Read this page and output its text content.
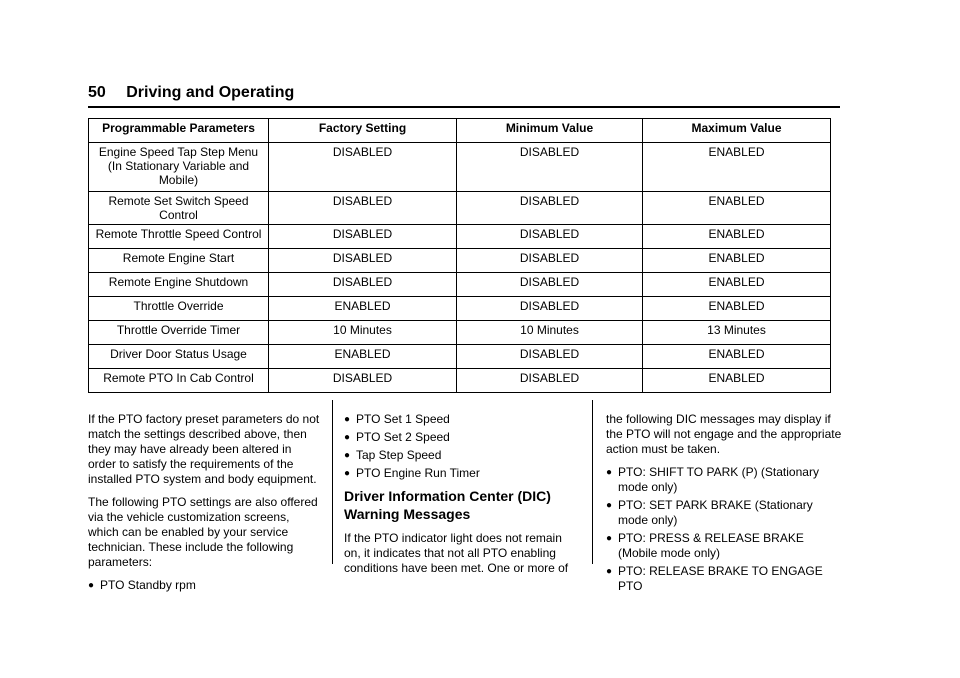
50 Driving and Operating
Programmable Parameters	Factory Setting	Minimum Value	Maximum Value
Engine Speed Tap Step Menu (In Stationary Variable and Mobile)	DISABLED	DISABLED	ENABLED
Remote Set Switch Speed Control	DISABLED	DISABLED	ENABLED
Remote Throttle Speed Control	DISABLED	DISABLED	ENABLED
Remote Engine Start	DISABLED	DISABLED	ENABLED
Remote Engine Shutdown	DISABLED	DISABLED	ENABLED
Throttle Override	ENABLED	DISABLED	ENABLED
Throttle Override Timer	10 Minutes	10 Minutes	13 Minutes
Driver Door Status Usage	ENABLED	DISABLED	ENABLED
Remote PTO In Cab Control	DISABLED	DISABLED	ENABLED

If the PTO factory preset parameters do not match the settings described above, then they may have already been altered in order to satisfy the requirements of the installed PTO system and body equipment.

The following PTO settings are also offered via the vehicle customization screens, which can be enabled by your service technician. These include the following parameters:

● PTO Standby rpm
● PTO Set 1 Speed
● PTO Set 2 Speed
● Tap Step Speed
● PTO Engine Run Timer
Driver Information Center (DIC) Warning Messages

If the PTO indicator light does not remain on, it indicates that not all PTO enabling conditions have been met. One or more of

the following DIC messages may display if the PTO will not engage and the appropriate action must be taken.

● PTO: SHIFT TO PARK (P) (Stationary mode only)
● PTO: SET PARK BRAKE (Stationary mode only)
● PTO: PRESS & RELEASE BRAKE (Mobile mode only)
● PTO: RELEASE BRAKE TO ENGAGE PTO
